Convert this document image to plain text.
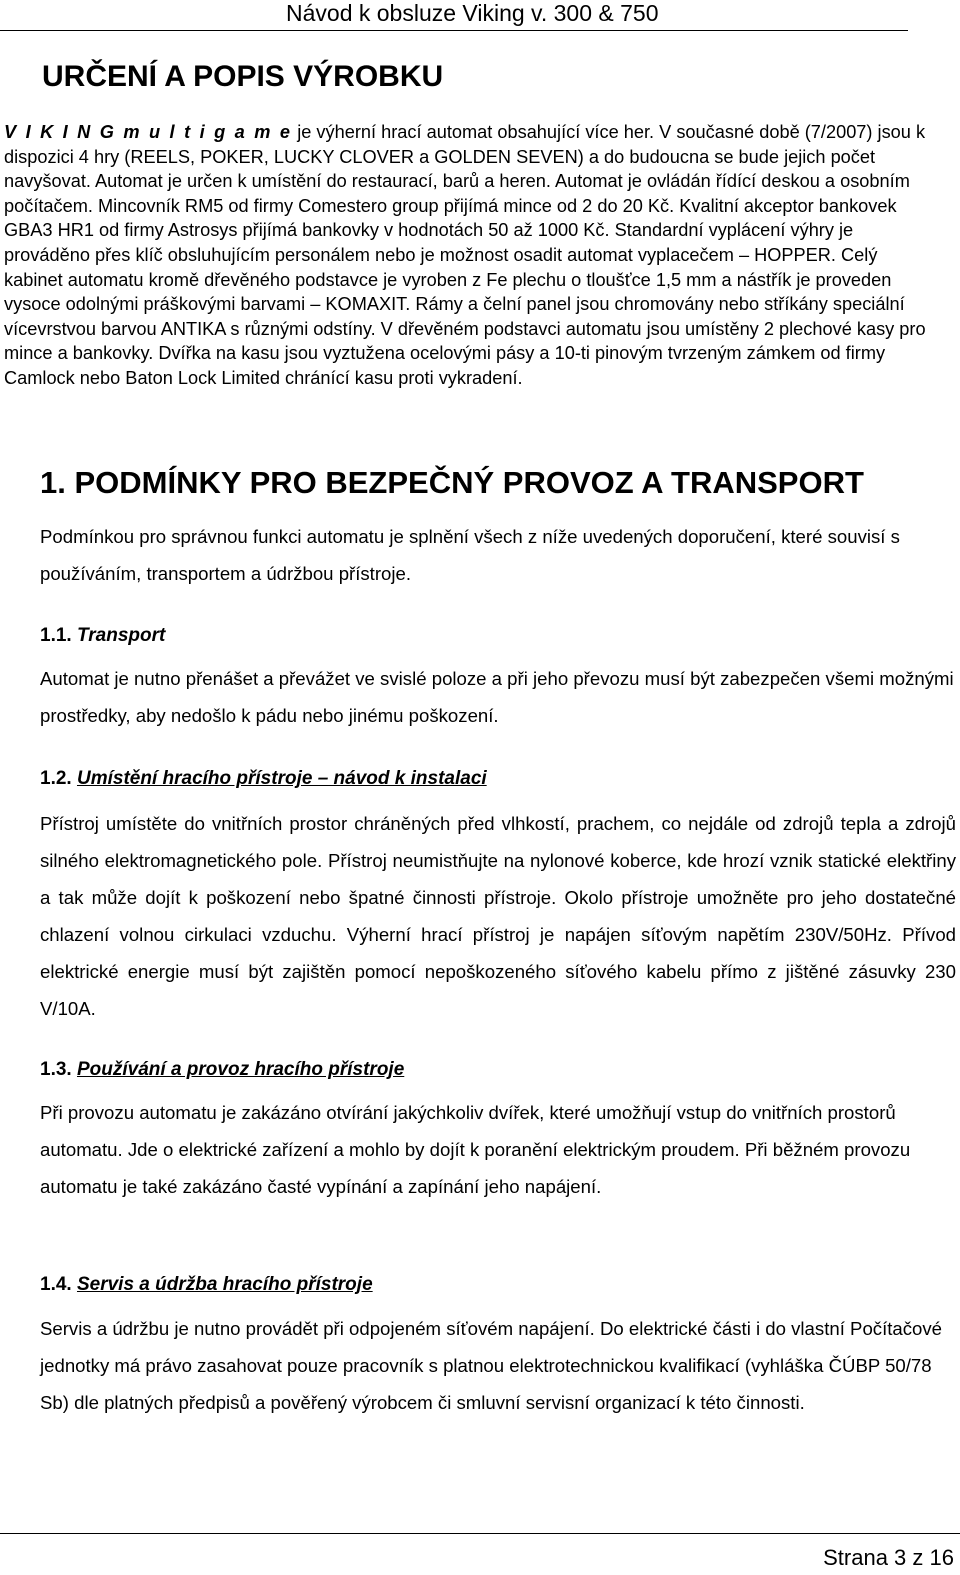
Návod k obsluze Viking v. 300 & 750
URČENÍ A POPIS VÝROBKU

V I K I N G m u l t i g a m e je výherní hrací automat obsahující více her. V současné době (7/2007) jsou k dispozici 4 hry (REELS, POKER, LUCKY CLOVER a GOLDEN SEVEN) a do budoucna se bude jejich počet navyšovat. Automat je určen k umístění do restaurací, barů a heren. Automat je ovládán řídící deskou a osobním počítačem. Mincovník RM5 od firmy Comestero group přijímá mince od 2 do 20 Kč. Kvalitní akceptor bankovek GBA3 HR1 od firmy Astrosys přijímá bankovky v hodnotách 50 až 1000 Kč. Standardní vyplácení výhry je prováděno přes klíč obsluhujícím personálem nebo je možnost osadit automat vyplacečem – HOPPER. Celý kabinet automatu kromě dřevěného podstavce je vyroben z Fe plechu o tloušťce 1,5 mm a nástřík je proveden vysoce odolnými práškovými barvami – KOMAXIT. Rámy a čelní panel jsou chromovány nebo stříkány speciální vícevrstvou barvou ANTIKA s různými odstíny. V dřevěném podstavci automatu jsou umístěny 2 plechové kasy pro mince a bankovky. Dvířka na kasu jsou vyztužena ocelovými pásy a 10-ti pinovým tvrzeným zámkem od firmy Camlock nebo Baton Lock Limited chránící kasu proti vykradení.

1. PODMÍNKY PRO BEZPEČNÝ PROVOZ A TRANSPORT

Podmínkou pro správnou funkci automatu je splnění všech z níže uvedených doporučení, které souvisí s používáním, transportem a údržbou přístroje.

1.1. Transport

Automat je nutno přenášet a převážet ve svislé poloze a při jeho převozu musí být zabezpečen všemi možnými prostředky, aby nedošlo k pádu nebo jinému poškození.

1.2. Umístění hracího přístroje – návod k instalaci

Přístroj umístěte do vnitřních prostor chráněných před vlhkostí, prachem, co nejdále od zdrojů tepla a zdrojů silného elektromagnetického pole. Přístroj neumistňujte na nylonové koberce, kde hrozí vznik statické elektřiny a tak může dojít k poškození nebo špatné činnosti přístroje. Okolo přístroje umožněte pro jeho dostatečné chlazení volnou cirkulaci vzduchu. Výherní hrací přístroj je napájen síťovým napětím 230V/50Hz. Přívod elektrické energie musí být zajištěn pomocí nepoškozeného síťového kabelu přímo z jištěné zásuvky 230 V/10A.

1.3. Používání a provoz hracího přístroje

Při provozu automatu je zakázáno otvírání jakýchkoliv dvířek, které umožňují vstup do vnitřních prostorů automatu. Jde o elektrické zařízení a mohlo by dojít k poranění elektrickým proudem. Při běžném provozu automatu je také zakázáno časté vypínání a zapínání jeho napájení.

1.4. Servis a údržba hracího přístroje

Servis a údržbu je nutno provádět při odpojeném síťovém napájení. Do elektrické části i do vlastní Počítačové jednotky má právo zasahovat pouze pracovník s platnou elektrotechnickou kvalifikací (vyhláška ČÚBP 50/78 Sb) dle platných předpisů a pověřený výrobcem či smluvní servisní organizací k této činnosti.

Strana 3 z 16
